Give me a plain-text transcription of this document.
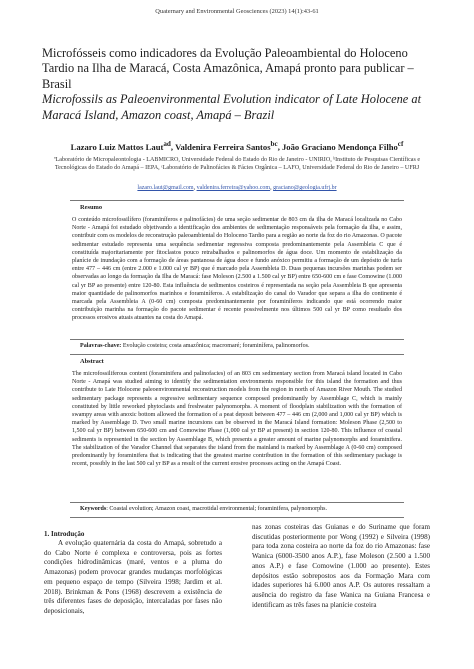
Quaternary and Environmental Geosciences (2023) 14(1):43-61
Microfósseis como indicadores da Evolução Paleoambiental do Holoceno Tardio na Ilha de Maracá, Costa Amazônica, Amapá pronto para publicar – Brasil
Microfossils as Paleoenvironmental Evolution indicator of Late Holocene at Maracá Island, Amazon coast, Amapá – Brazil
Lazaro Luiz Mattos Laut$^{ad}$, Valdenira Ferreira Santos$^{bc}$, João Graciano Mendonça Filho$^{cf}$
ªLaboratório de Micropaleontologia - LABMICRO, Universidade Federal do Estado do Rio de Janeiro - UNIRIO, ᵇInstituto de Pesquisas Científicas e Tecnológicas do Estado do Amapá – IEPA, ᶜLaboratório de Palinofácies & Fácies Orgânica – LAFO, Universidade Federal do Rio de Janeiro – UFRJ
lazaro.laut@gmail.com, valdenira.ferreira@yahoo.com, graciano@geologia.ufrj.br
Resumo
O conteúdo microfossilífero (foraminíferos e palinofácies) de uma seção sedimentar de 803 cm da ilha de Maracá localizada no Cabo Norte - Amapá foi estudado objetivando a identificação dos ambientes de sedimentação responsáveis pela formação da ilha, e assim, contribuir com os modelos de reconstrução paleoambiental do Holoceno Tardio para a região ao norte da foz do rio Amazonas. O pacote sedimentar estudado representa uma sequência sedimentar regressiva composta predominantemente pela Assembleia C que é constituída majoritariamente por fitoclastos pouco retrabalhados e palinomorfos de água doce. Um momento de estabilização da planície de inundação com a formação de áreas pantanosa de água doce e fundo anóxico permitiu a formação de um depósito de turfa entre 477 – 446 cm (entre 2.000 e 1.000 cal yr BP) que é marcado pela Assembleia D. Duas pequenas incursões marinhas podem ser observadas ao longo da formação da Ilha de Maracá: fase Moleson (2.500 a 1.500 cal yr BP) entre 650-600 cm e fase Comowine (1.000 cal yr BP ao presente) entre 120-80. Esta influência de sedimentos costeiros é representada na seção pela Assembleia B que apresenta maior quantidade de palinomorfos marinhos e foraminíferos. A estabilização do canal do Varador que separa a ilha do continente é marcada pela Assembleia A (0-60 cm) composta predominantemente por foraminíferos indicando que está ocorrendo maior contribuição marinha na formação do pacote sedimentar é recente possivelmente nos últimos 500 cal yr BP como resultado dos processos erosivos atuais atuantes na costa do Amapá.
Palavras-chave: Evolução costeira; costa amazônica; macromaré; foraminífera, palinomorfos.
Abstract
The microfossiliferous content (foraminifera and palinofacies) of an 803 cm sedimentary section from Maracá island located in Cabo Norte - Amapá was studied aiming to identify the sedimentation environments responsible for this island the formation and thus contribute to Late Holocene paleoenvironmental reconstruction models from the region in north of Amazon River Mouth. The studied sedimentary package represents a regressive sedimentary sequence composed predominantly by Assemblage C, which is mainly constituted by little reworked phytoclasts and freshwater palynomorphs. A moment of floodplain stabilization with the formation of swampy areas with anoxic bottom allowed the formation of a peat deposit between 477 – 446 cm (2,000 and 1,000 cal yr BP) which is marked by Assemblage D. Two small marine incursions can be observed in the Maracá Island formation: Moleson Phase (2,500 to 1,500 cal yr BP) between 650-600 cm and Comowine Phase (1,000 cal yr BP at present) in section 120-80. This influence of coastal sediments is represented in the section by Assemblage B, which presents a greater amount of marine palynomorphs and foraminifera. The stabilization of the Varador Channel that separates the island from the mainland is marked by Assemblage A (0-60 cm) composed predominantly by foraminifera that is indicating that the greatest marine contribution in the formation of this sedimentary package is recent, possibly in the last 500 cal yr BP as a result of the current erosive processes acting on the Amapá Coast.
Keywords: Coastal evolution; Amazon coast, macrotidal environmental; foraminifera, palynomorphs.
1. Introdução
A evolução quaternária da costa do Amapá, sobretudo a do Cabo Norte é complexa e controversa, pois as fortes condições hidrodinâmicas (maré, ventos e a pluma do Amazonas) podem provocar grandes mudanças morfológicas em pequeno espaço de tempo (Silveira 1998; Jardim et al. 2018). Brinkman & Pons (1968) descrevem a existência de três diferentes fases de deposição, intercaladas por fases não deposicionais,
nas zonas costeiras das Guianas e do Suriname que foram discutidas posteriormente por Wong (1992) e Silveira (1998) para toda zona costeira ao norte da foz do rio Amazonas: fase Wanica (6000-3500 anos A.P.), fase Moleson (2.500 a 1.500 anos A.P.) e fase Comowine (1.000 ao presente). Estes depósitos estão sobrepostos aos da Formação Mara com idades superiores há 6.000 anos A.P. Os autores ressaltam a ausência do registro da fase Wanica na Guiana Francesa e identificam as três fases na planície costeira
